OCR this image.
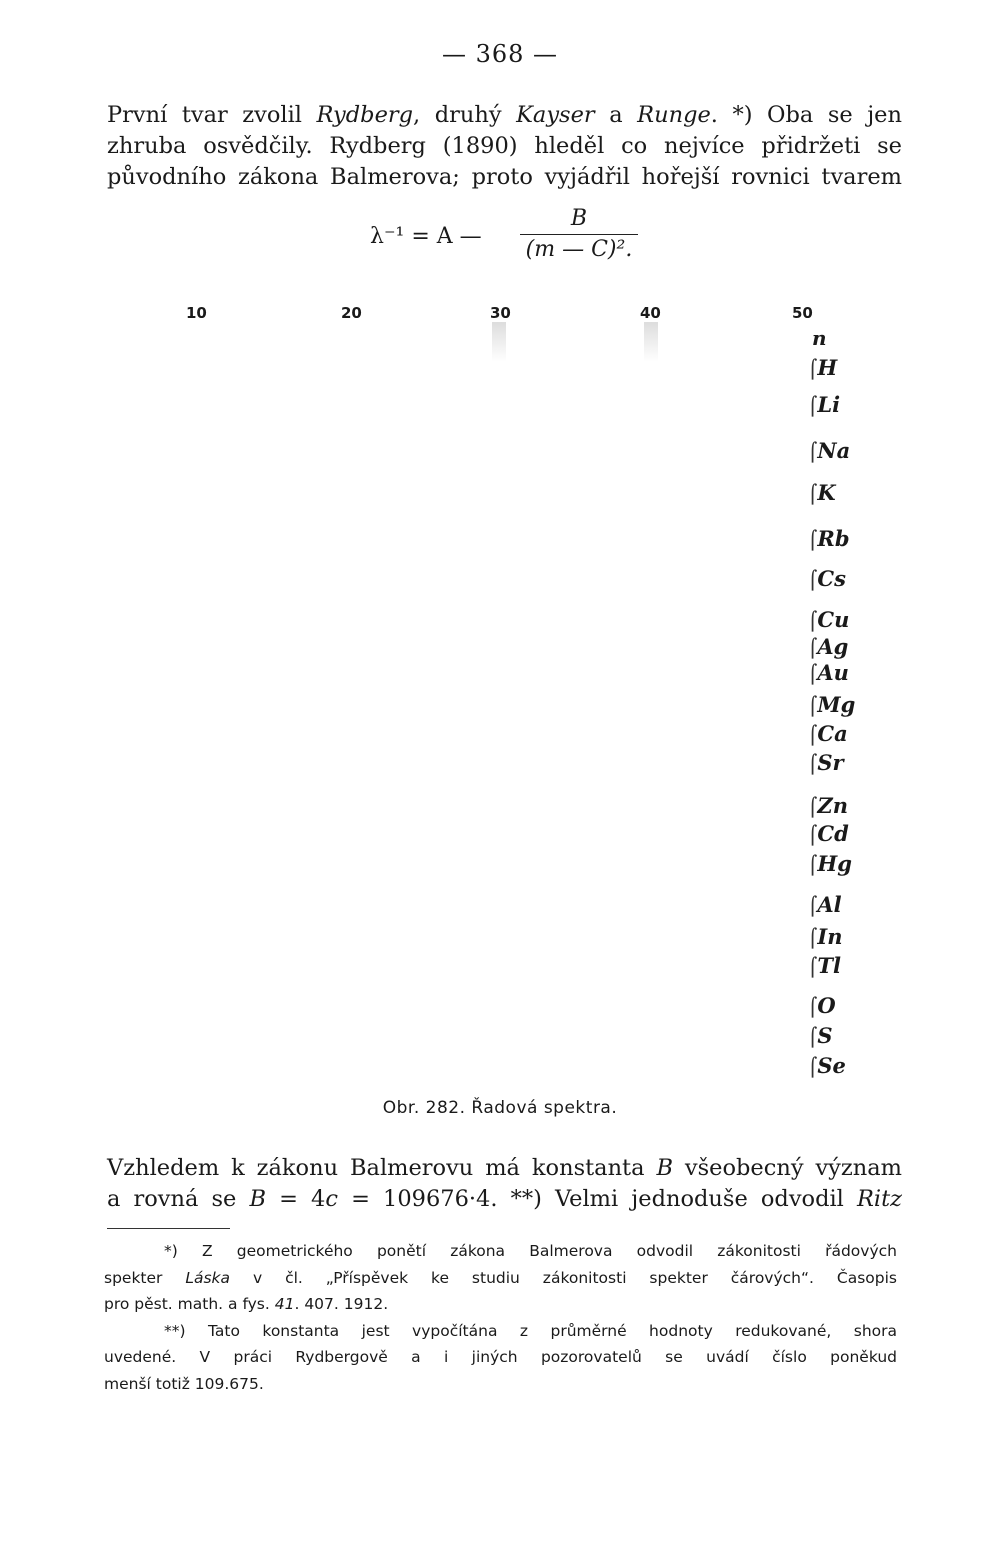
— 368 —
První tvar zvolil Rydberg, druhý Kayser a Runge. *) Oba se jen
zhruba osvědčily. Rydberg (1890) hleděl co nejvíce přidržeti se
původního zákona Balmerova; proto vyjádřil hořejší rovnici tvarem
λ⁻¹ = A —
B
(m — C)².
10	20	30	40	50
n
⌠H
⌠Li
⌠Na
⌠K
⌠Rb
⌠Cs
⌠Cu
⌠Ag
⌠Au
⌠Mg
⌠Ca
⌠Sr
⌠Zn
⌠Cd
⌠Hg
⌠Al
⌠In
⌠Tl
⌠O
⌠S
⌠Se
Obr. 282. Řadová spektra.
Vzhledem k zákonu Balmerovu má konstanta B všeobecný význam
a rovná se B = 4c = 109676·4. **) Velmi jednoduše odvodil Ritz
*) Z geometrického ponětí zákona Balmerova odvodil zákonitosti řádových
spekter Láska v čl. „Příspěvek ke studiu zákonitosti spekter čárových“. Časopis
pro pěst. math. a fys. 41. 407. 1912.
**) Tato konstanta jest vypočítána z průměrné hodnoty redukované, shora
uvedené. V práci Rydbergově a i jiných pozorovatelů se uvádí číslo poněkud
menší totiž 109.675.
